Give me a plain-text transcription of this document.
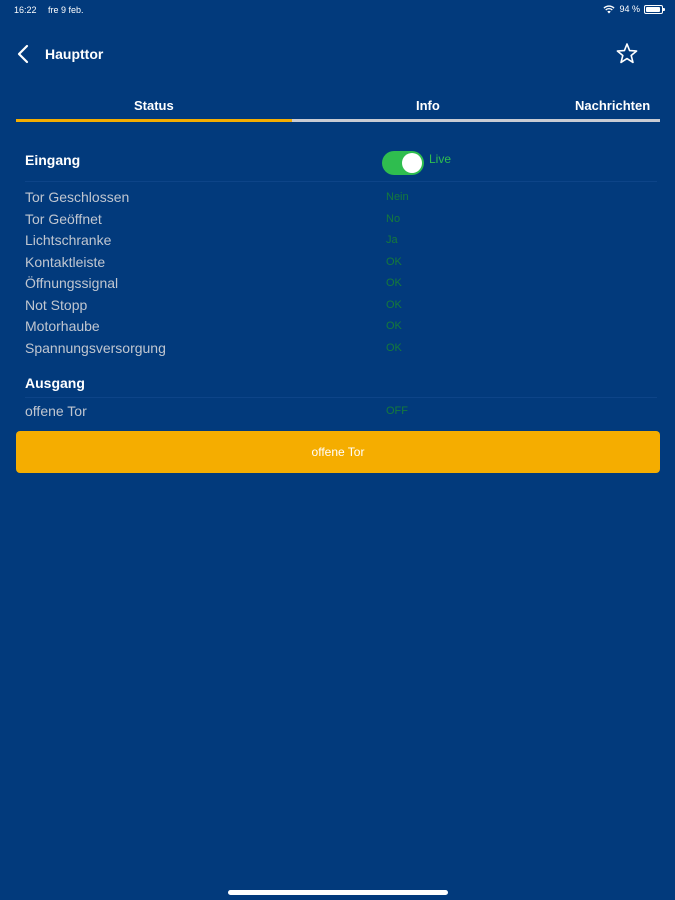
16:22 fre 9 feb.	94 %
Haupttor
Status	Info	Nachrichten
Eingang	Live
Tor Geschlossen	Nein
Tor Geöffnet	No
Lichtschranke	Ja
Kontaktleiste	OK
Öffnungssignal	OK
Not Stopp	OK
Motorhaube	OK
Spannungsversorgung	OK
Ausgang
offene Tor	OFF
offene Tor
